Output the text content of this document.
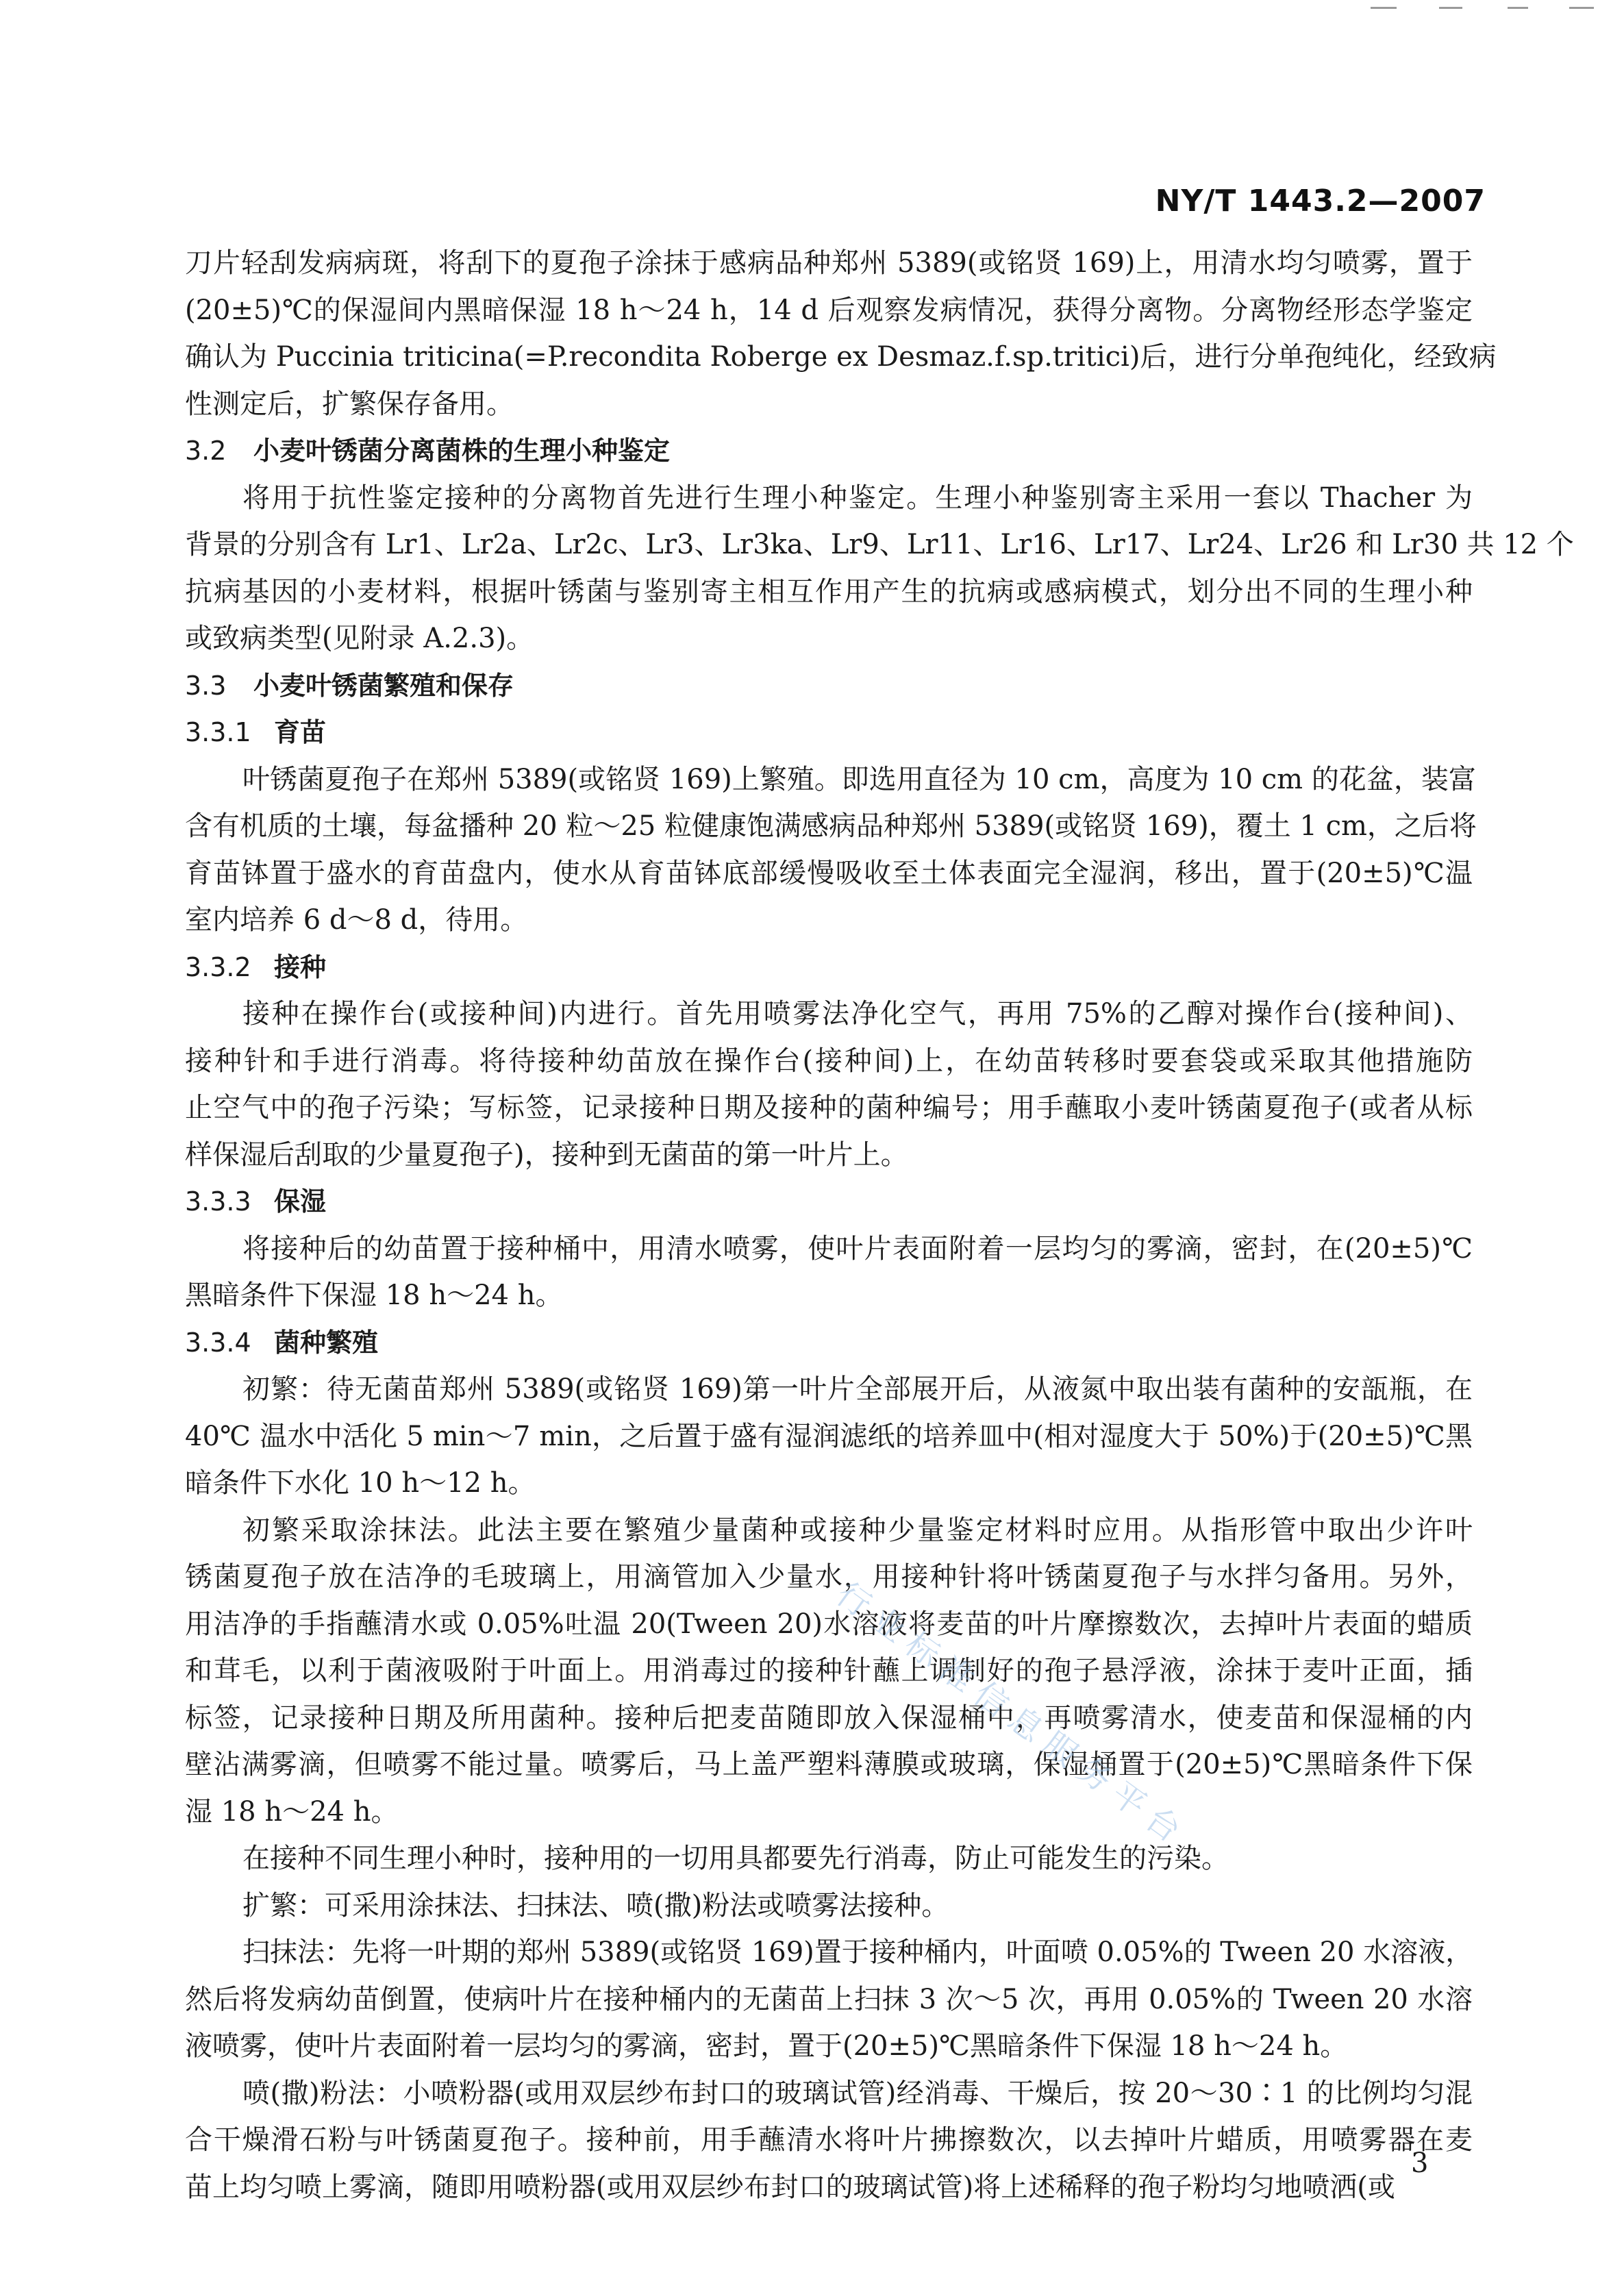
NY/T 1443.2—2007
刀片轻刮发病病斑，将刮下的夏孢子涂抹于感病品种郑州 5389(或铭贤 169)上，用清水均匀喷雾，置于
(20±5)℃的保湿间内黑暗保湿 18 h～24 h，14 d 后观察发病情况，获得分离物。分离物经形态学鉴定
确认为 Puccinia triticina(=P.recondita Roberge ex Desmaz.f.sp.tritici)后，进行分单孢纯化，经致病
性测定后，扩繁保存备用。
3.2 小麦叶锈菌分离菌株的生理小种鉴定
将用于抗性鉴定接种的分离物首先进行生理小种鉴定。生理小种鉴别寄主采用一套以 Thacher 为
背景的分别含有 Lr1、Lr2a、Lr2c、Lr3、Lr3ka、Lr9、Lr11、Lr16、Lr17、Lr24、Lr26 和 Lr30 共 12 个
抗病基因的小麦材料，根据叶锈菌与鉴别寄主相互作用产生的抗病或感病模式，划分出不同的生理小种
或致病类型(见附录 A.2.3)。
3.3 小麦叶锈菌繁殖和保存
3.3.1 育苗
叶锈菌夏孢子在郑州 5389(或铭贤 169)上繁殖。即选用直径为 10 cm，高度为 10 cm 的花盆，装富
含有机质的土壤，每盆播种 20 粒～25 粒健康饱满感病品种郑州 5389(或铭贤 169)，覆土 1 cm，之后将
育苗钵置于盛水的育苗盘内，使水从育苗钵底部缓慢吸收至土体表面完全湿润，移出，置于(20±5)℃温
室内培养 6 d～8 d，待用。
3.3.2 接种
接种在操作台(或接种间)内进行。首先用喷雾法净化空气，再用 75%的乙醇对操作台(接种间)、
接种针和手进行消毒。将待接种幼苗放在操作台(接种间)上，在幼苗转移时要套袋或采取其他措施防
止空气中的孢子污染；写标签，记录接种日期及接种的菌种编号；用手蘸取小麦叶锈菌夏孢子(或者从标
样保湿后刮取的少量夏孢子)，接种到无菌苗的第一叶片上。
3.3.3 保湿
将接种后的幼苗置于接种桶中，用清水喷雾，使叶片表面附着一层均匀的雾滴，密封，在(20±5)℃
黑暗条件下保湿 18 h～24 h。
3.3.4 菌种繁殖
初繁：待无菌苗郑州 5389(或铭贤 169)第一叶片全部展开后，从液氮中取出装有菌种的安瓿瓶，在
40℃ 温水中活化 5 min～7 min，之后置于盛有湿润滤纸的培养皿中(相对湿度大于 50%)于(20±5)℃黑
暗条件下水化 10 h～12 h。
初繁采取涂抹法。此法主要在繁殖少量菌种或接种少量鉴定材料时应用。从指形管中取出少许叶
锈菌夏孢子放在洁净的毛玻璃上，用滴管加入少量水，用接种针将叶锈菌夏孢子与水拌匀备用。另外，
用洁净的手指蘸清水或 0.05%吐温 20(Tween 20)水溶液将麦苗的叶片摩擦数次，去掉叶片表面的蜡质
和茸毛，以利于菌液吸附于叶面上。用消毒过的接种针蘸上调制好的孢子悬浮液，涂抹于麦叶正面，插
标签，记录接种日期及所用菌种。接种后把麦苗随即放入保湿桶中，再喷雾清水，使麦苗和保湿桶的内
壁沾满雾滴，但喷雾不能过量。喷雾后，马上盖严塑料薄膜或玻璃，保湿桶置于(20±5)℃黑暗条件下保
湿 18 h～24 h。
在接种不同生理小种时，接种用的一切用具都要先行消毒，防止可能发生的污染。
扩繁：可采用涂抹法、扫抹法、喷(撒)粉法或喷雾法接种。
扫抹法：先将一叶期的郑州 5389(或铭贤 169)置于接种桶内，叶面喷 0.05%的 Tween 20 水溶液，
然后将发病幼苗倒置，使病叶片在接种桶内的无菌苗上扫抹 3 次～5 次，再用 0.05%的 Tween 20 水溶
液喷雾，使叶片表面附着一层均匀的雾滴，密封，置于(20±5)℃黑暗条件下保湿 18 h～24 h。
喷(撒)粉法：小喷粉器(或用双层纱布封口的玻璃试管)经消毒、干燥后，按 20～30∶1 的比例均匀混
合干燥滑石粉与叶锈菌夏孢子。接种前，用手蘸清水将叶片拂擦数次，以去掉叶片蜡质，用喷雾器在麦
苗上均匀喷上雾滴，随即用喷粉器(或用双层纱布封口的玻璃试管)将上述稀释的孢子粉均匀地喷洒(或
行业标准信息服务平台
3
